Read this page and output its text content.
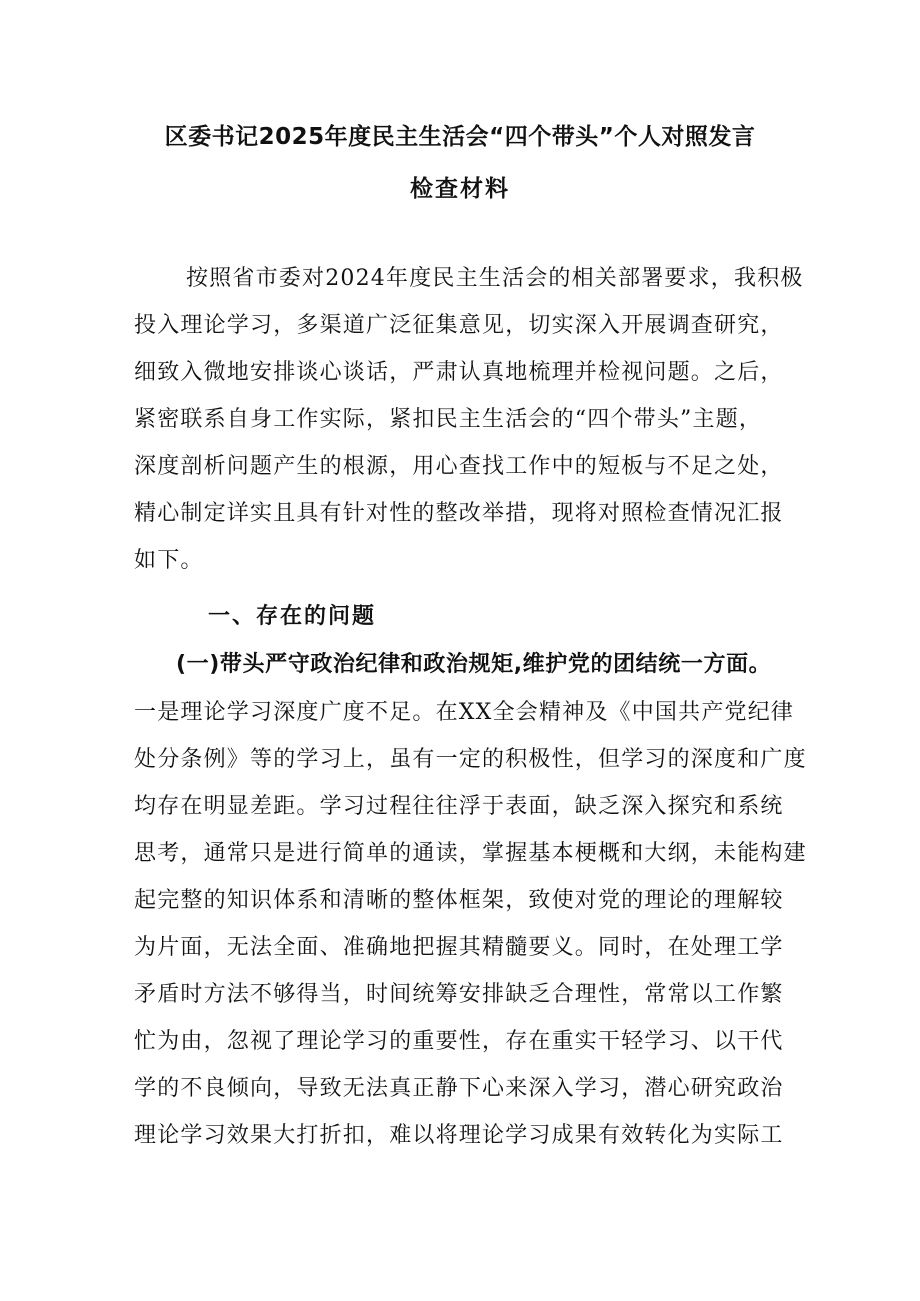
区委书记2025年度民主生活会“四个带头”个人对照发言
检查材料
按照省市委对2024年度民主生活会的相关部署要求，我积极
投入理论学习，多渠道广泛征集意见，切实深入开展调查研究，
细致入微地安排谈心谈话，严肃认真地梳理并检视问题。之后，
紧密联系自身工作实际，紧扣民主生活会的“四个带头”主题，
深度剖析问题产生的根源，用心查找工作中的短板与不足之处，
精心制定详实且具有针对性的整改举措，现将对照检查情况汇报
如下。
一、存在的问题
(一)带头严守政治纪律和政治规矩,维护党的团结统一方面。
一是理论学习深度广度不足。在XX全会精神及《中国共产党纪律
处分条例》等的学习上，虽有一定的积极性，但学习的深度和广度
均存在明显差距。学习过程往往浮于表面，缺乏深入探究和系统
思考，通常只是进行简单的通读，掌握基本梗概和大纲，未能构建
起完整的知识体系和清晰的整体框架，致使对党的理论的理解较
为片面，无法全面、准确地把握其精髓要义。同时，在处理工学
矛盾时方法不够得当，时间统筹安排缺乏合理性，常常以工作繁
忙为由，忽视了理论学习的重要性，存在重实干轻学习、以干代
学的不良倾向，导致无法真正静下心来深入学习，潜心研究政治
理论学习效果大打折扣，难以将理论学习成果有效转化为实际工
